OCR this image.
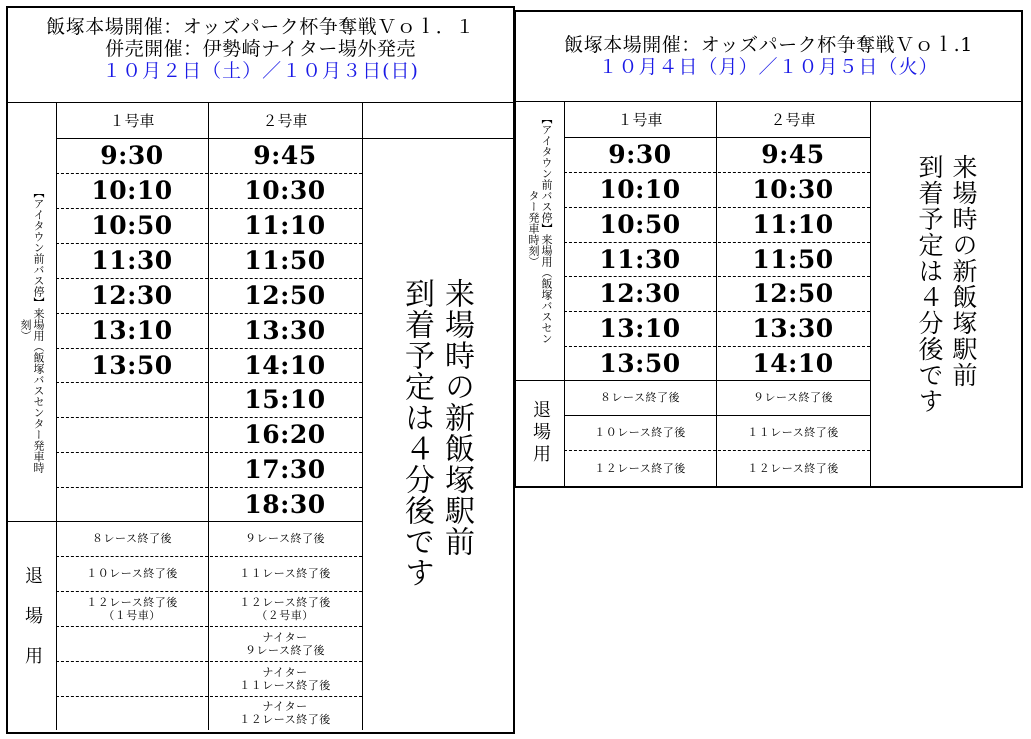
飯塚本場開催：オッズパーク杯争奪戦Ｖｏｌ．１
併売開催：伊勢崎ナイター場外発売
１０月２日（土）／１０月３日(日)
１号車	２号車
【アイタウン前バス停】来場用（飯塚バスセンター発車時刻）
9:30
10:10
10:50
11:30
12:30
13:10
13:50
9:45
10:30
11:10
11:50
12:50
13:30
14:10
15:10
16:20
17:30
18:30
退場用
８レース終了後
１０レース終了後
１２レース終了後
（１号車）
９レース終了後
１１レース終了後
１２レース終了後
（２号車）
ナイター
９レース終了後
ナイター
１１レース終了後
ナイター
１２レース終了後
来場時の新飯塚駅前
到着予定は４分後です
飯塚本場開催：オッズパーク杯争奪戦Ｖｏｌ.1
１０月４日（月）／１０月５日（火）
１号車	２号車
【アイタウン前バス停】来場用（飯塚バスセンター発車時刻）
9:30
10:10
10:50
11:30
12:30
13:10
13:50
9:45
10:30
11:10
11:50
12:50
13:30
14:10
退場用
８レース終了後
１０レース終了後
１２レース終了後
９レース終了後
１１レース終了後
１２レース終了後
来場時の新飯塚駅前
到着予定は４分後です
